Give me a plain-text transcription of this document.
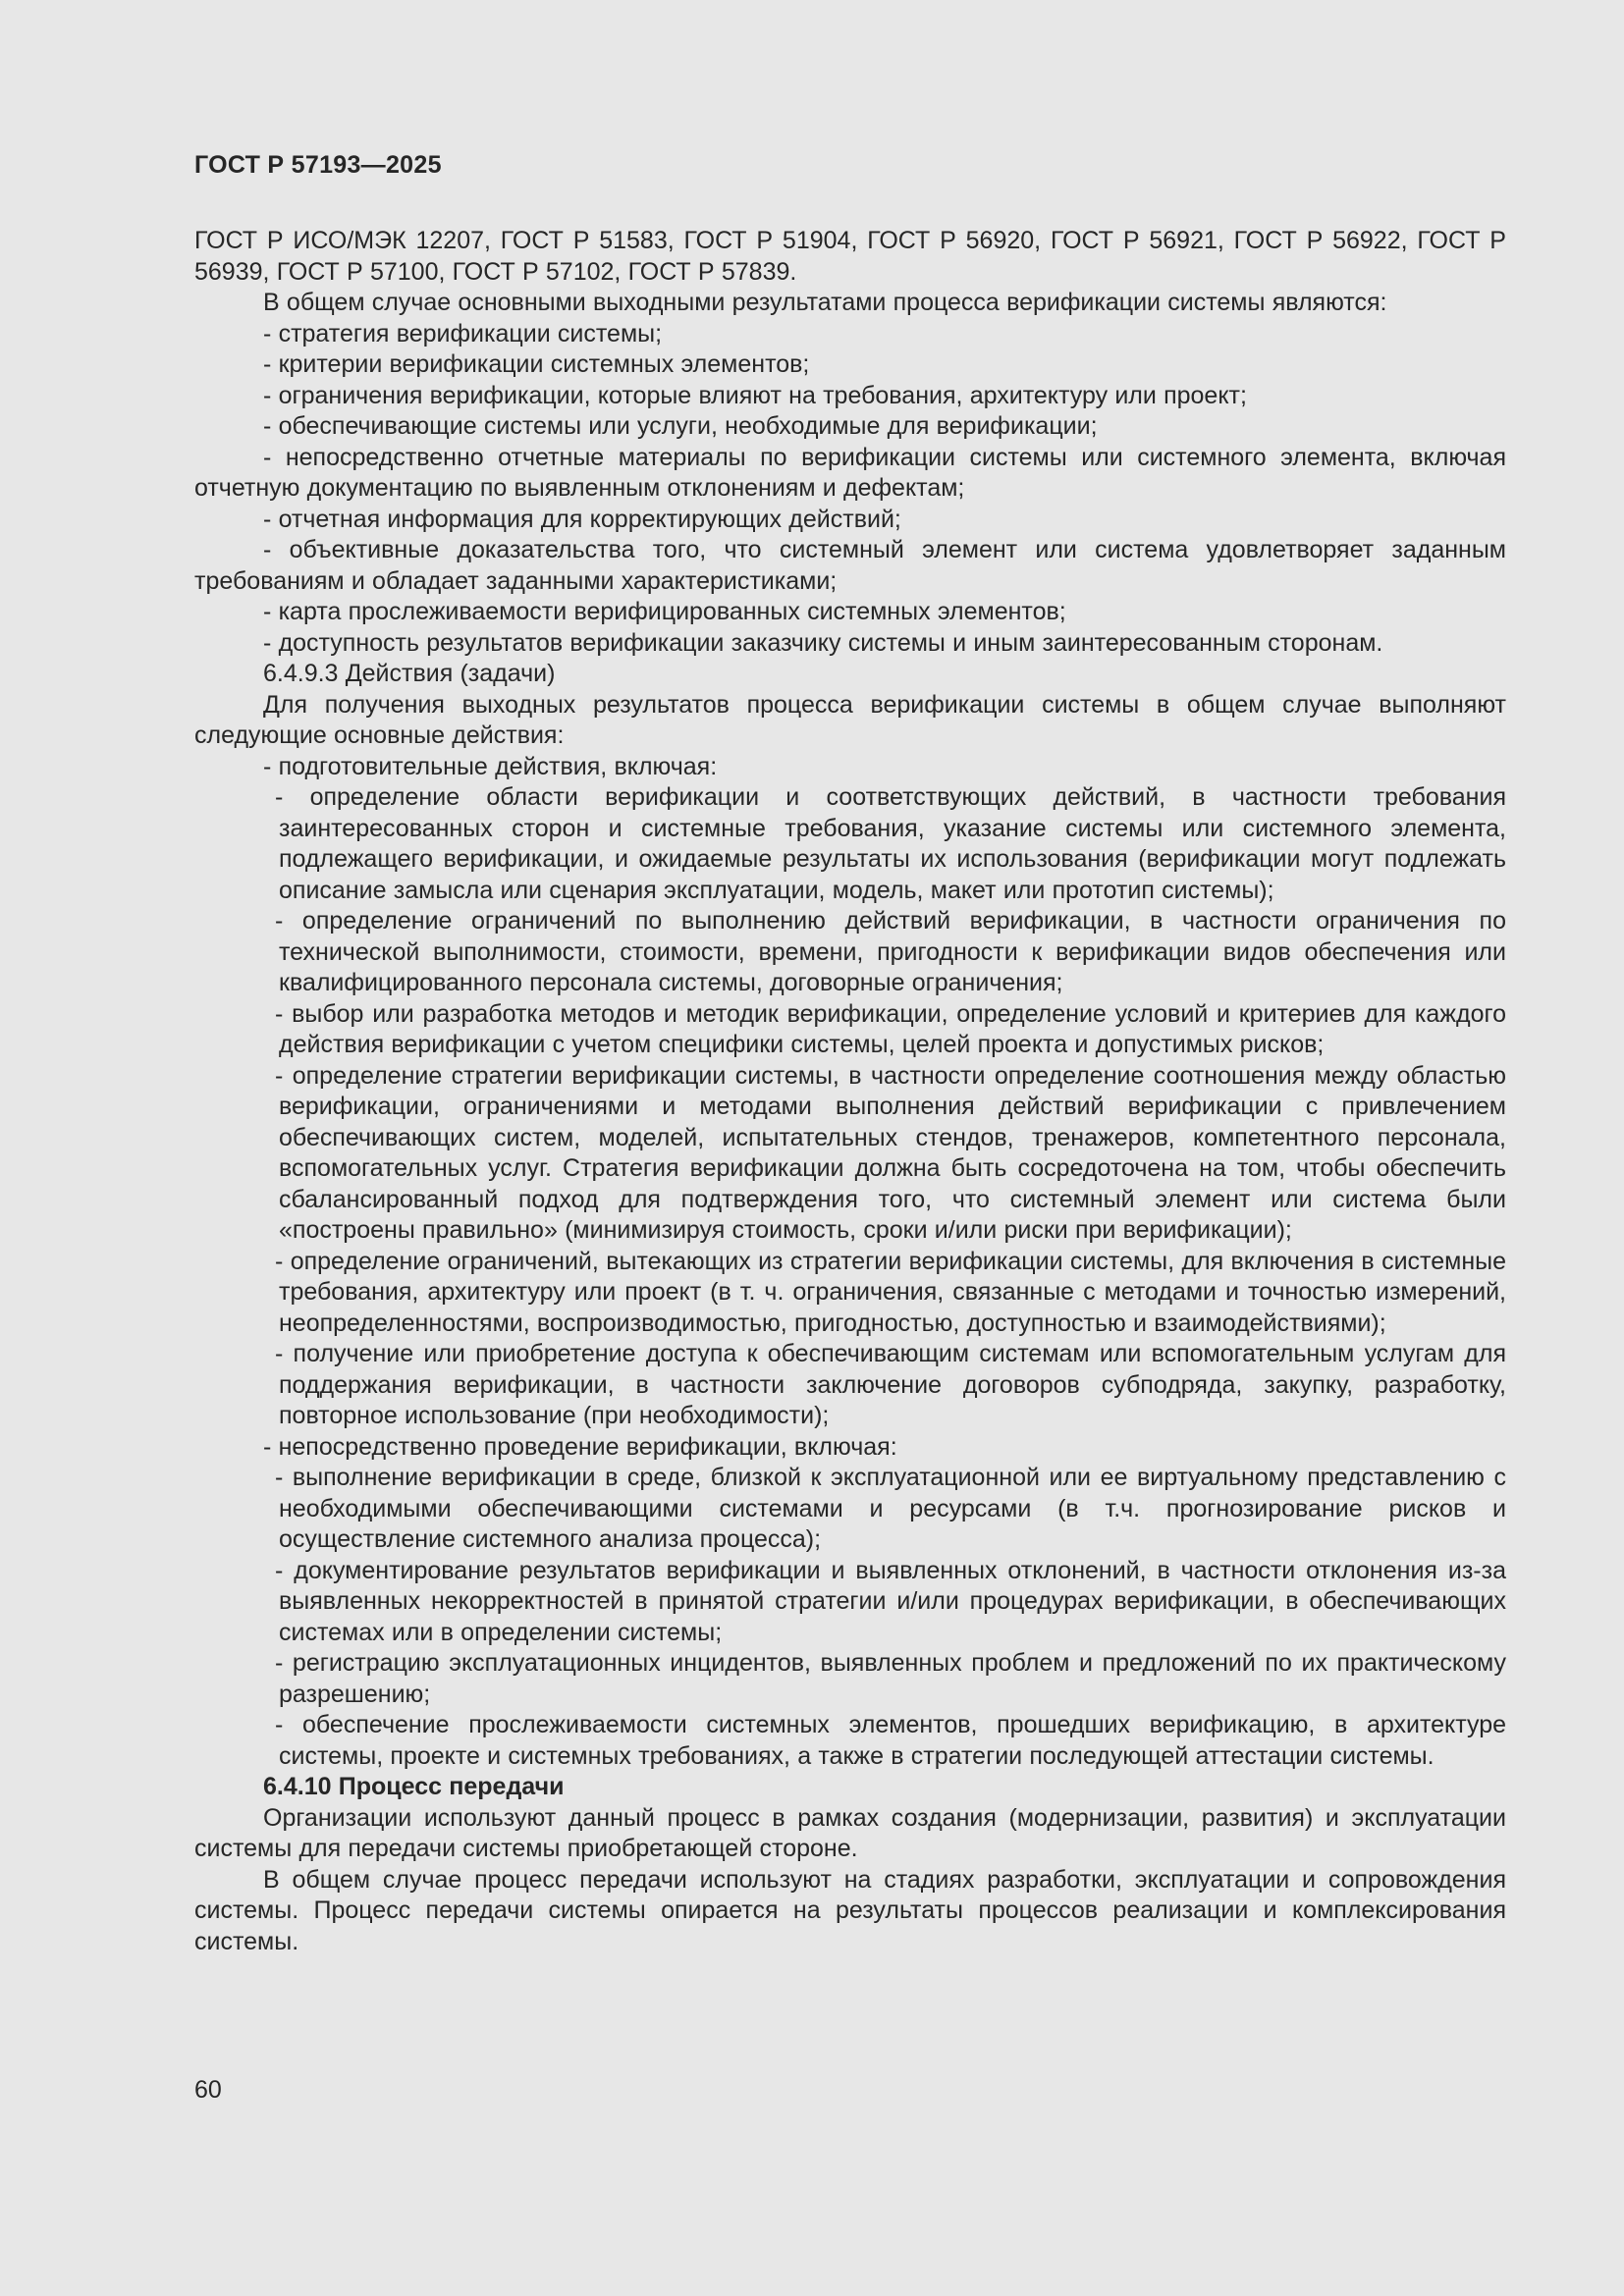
ГОСТ Р 57193—2025

ГОСТ Р ИСО/МЭК 12207, ГОСТ Р 51583, ГОСТ Р 51904, ГОСТ Р 56920, ГОСТ Р 56921, ГОСТ Р 56922, ГОСТ Р 56939, ГОСТ Р 57100, ГОСТ Р 57102, ГОСТ Р 57839.

В общем случае основными выходными результатами процесса верификации системы являются:

- стратегия верификации системы;

- критерии верификации системных элементов;

- ограничения верификации, которые влияют на требования, архитектуру или проект;

- обеспечивающие системы или услуги, необходимые для верификации;

- непосредственно отчетные материалы по верификации системы или системного элемента, включая отчетную документацию по выявленным отклонениям и дефектам;

- отчетная информация для корректирующих действий;

- объективные доказательства того, что системный элемент или система удовлетворяет заданным требованиям и обладает заданными характеристиками;

- карта прослеживаемости верифицированных системных элементов;

- доступность результатов верификации заказчику системы и иным заинтересованным сторонам.

6.4.9.3 Действия (задачи)

Для получения выходных результатов процесса верификации системы в общем случае выполняют следующие основные действия:

- подготовительные действия, включая:

- определение области верификации и соответствующих действий, в частности требования заинтересованных сторон и системные требования, указание системы или системного элемента, подлежащего верификации, и ожидаемые результаты их использования (верификации могут подлежать описание замысла или сценария эксплуатации, модель, макет или прототип системы);

- определение ограничений по выполнению действий верификации, в частности ограничения по технической выполнимости, стоимости, времени, пригодности к верификации видов обеспечения или квалифицированного персонала системы, договорные ограничения;

- выбор или разработка методов и методик верификации, определение условий и критериев для каждого действия верификации с учетом специфики системы, целей проекта и допустимых рисков;

- определение стратегии верификации системы, в частности определение соотношения между областью верификации, ограничениями и методами выполнения действий верификации с привлечением обеспечивающих систем, моделей, испытательных стендов, тренажеров, компетентного персонала, вспомогательных услуг. Стратегия верификации должна быть сосредоточена на том, чтобы обеспечить сбалансированный подход для подтверждения того, что системный элемент или система были «построены правильно» (минимизируя стоимость, сроки и/или риски при верификации);

- определение ограничений, вытекающих из стратегии верификации системы, для включения в системные требования, архитектуру или проект (в т. ч. ограничения, связанные с методами и точностью измерений, неопределенностями, воспроизводимостью, пригодностью, доступностью и взаимодействиями);

- получение или приобретение доступа к обеспечивающим системам или вспомогательным услугам для поддержания верификации, в частности заключение договоров субподряда, закупку, разработку, повторное использование (при необходимости);

- непосредственно проведение верификации, включая:

- выполнение верификации в среде, близкой к эксплуатационной или ее виртуальному представлению с необходимыми обеспечивающими системами и ресурсами (в т.ч. прогнозирование рисков и осуществление системного анализа процесса);

- документирование результатов верификации и выявленных отклонений, в частности отклонения из-за выявленных некорректностей в принятой стратегии и/или процедурах верификации, в обеспечивающих системах или в определении системы;

- регистрацию эксплуатационных инцидентов, выявленных проблем и предложений по их практическому разрешению;

- обеспечение прослеживаемости системных элементов, прошедших верификацию, в архитектуре системы, проекте и системных требованиях, а также в стратегии последующей аттестации системы.

6.4.10 Процесс передачи

Организации используют данный процесс в рамках создания (модернизации, развития) и эксплуатации системы для передачи системы приобретающей стороне.

В общем случае процесс передачи используют на стадиях разработки, эксплуатации и сопровождения системы. Процесс передачи системы опирается на результаты процессов реализации и комплексирования системы.

60
